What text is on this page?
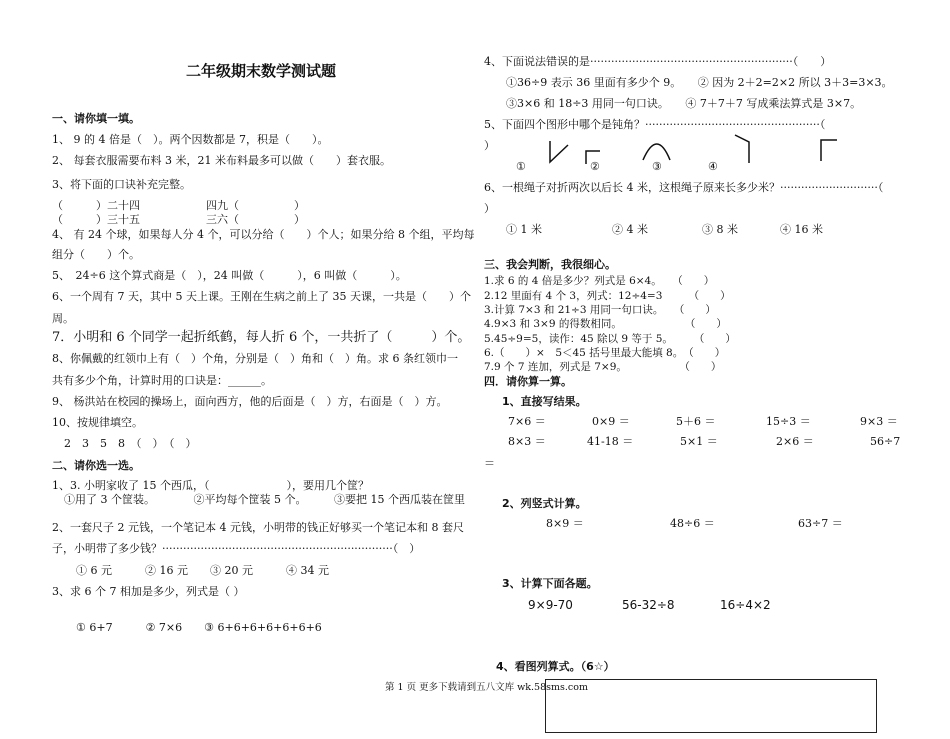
二年级期末数学测试题
一、请你填一填。
1、 9 的 4 倍是（　）。两个因数都是 7，积是（　　）。
2、 每套衣服需要布料 3 米，21 米布料最多可以做（　　）套衣服。
3、将下面的口诀补充完整。
（　　　）二十四　　　　　　四九（　　　　　）
（　　　）三十五　　　　　　三六（　　　　　）
4、 有 24 个球，如果每人分 4 个，可以分给（　　）个人；如果分给 8 个组，平均每
组分（　　）个。
5、　24÷6 这个算式商是（　），24 叫做（　　　），6 叫做（　　　）。
6、一个周有 7 天，其中 5 天上课。王刚在生病之前上了 35 天课，一共是（　　）个
周。
7．小明和 6 个同学一起折纸鹤，每人折 6 个，一共折了（　　　）个。
8、你佩戴的红领巾上有（　）个角，分别是（　）角和（　）角。求 6 条红领巾一
共有多少个角，计算时用的口诀是：______。
9、 杨洪站在校园的操场上，面向西方，他的后面是（　）方，右面是（　）方。
10、按规律填空。
2　3　5　8　（　）　（　）
二、请你选一选。
1、3. 小明家收了 15 个西瓜，（　　　　　　　），要用几个筐？
①用了 3 个筐装。　　　　②平均每个筐装 5 个。　　　③要把 15 个西瓜装在筐里
2、一套尺子 2 元钱，一个笔记本 4 元钱，小明带的钱正好够买一个笔记本和 8 套尺
子，小明带了多少钱？··································································（　）
① 6 元　　　② 16 元　　③ 20 元　　　④ 34 元
3、求 6 个 7 相加是多少，列式是（ ）
① 6+7　　　② 7×6　　③ 6+6+6+6+6+6+6
4、下面说法错误的是··························································（　　）
①36÷9 表示 36 里面有多少个 9。　　② 因为 2＋2=2×2 所以 3＋3=3×3。
③3×6 和 18÷3 用同一句口诀。　　④ 7＋7＋7 写成乘法算式是 3×7。
5、下面四个图形中哪个是钝角？··················································（
）
①	②	③	④
6、一根绳子对折两次以后长 4 米，这根绳子原来长多少米？····························（
）
① 1 米	② 4 米	③ 8 米	④ 16 米
三、我会判断，我很细心。
1.求 6 的 4 倍是多少？列式是 6×4。　　（　　）
2.12 里面有 4 个 3，列式：12÷4=3　　　（　　）
3.计算 7×3 和 21÷3 用同一句口诀。　　（　　）
4.9×3 和 3×9 的得数相同。　　　　　　　（　　）
5.45÷9=5，读作：45 除以 9 等于 5。　　　（　　）
6.（　　）×　5＜45 括号里最大能填 8。　（　　）
7.9 个 7 连加，列式是 7×9。　　　　　　（　　）
四．请你算一算。
1、直接写结果。
7×6 ＝	0×9 ＝	5＋6 ＝	15÷3 ＝	9×3 ＝
8×3 ＝	41-18 ＝	5×1 ＝	2×6 ＝	56÷7
＝
2、列竖式计算。
8×9 ＝	48÷6 ＝	63÷7 ＝
3、计算下面各题。
9×9-70	56-32÷8	16÷4×2
4、看图列算式。（6☆）
第 1 页 更多下载请到五八文库 wk.58sms.com
